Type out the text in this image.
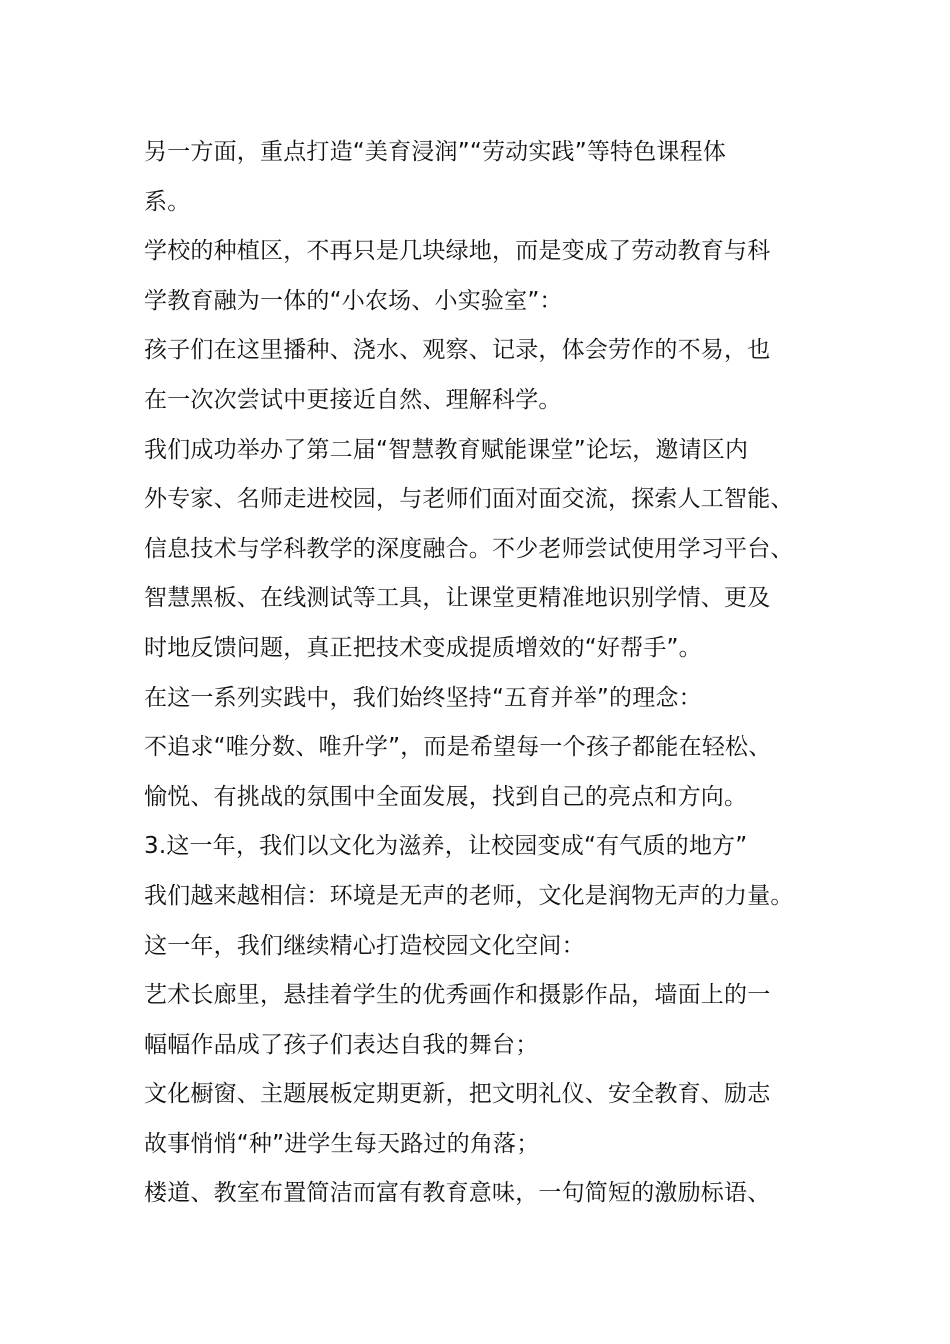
另一方面，重点打造“美育浸润”“劳动实践”等特色课程体
系。
学校的种植区，不再只是几块绿地，而是变成了劳动教育与科
学教育融为一体的“小农场、小实验室”：
孩子们在这里播种、浇水、观察、记录，体会劳作的不易，也
在一次次尝试中更接近自然、理解科学。
我们成功举办了第二届“智慧教育赋能课堂”论坛，邀请区内
外专家、名师走进校园，与老师们面对面交流，探索人工智能、
信息技术与学科教学的深度融合。不少老师尝试使用学习平台、
智慧黑板、在线测试等工具，让课堂更精准地识别学情、更及
时地反馈问题，真正把技术变成提质增效的“好帮手”。
在这一系列实践中，我们始终坚持“五育并举”的理念：
不追求“唯分数、唯升学”，而是希望每一个孩子都能在轻松、
愉悦、有挑战的氛围中全面发展，找到自己的亮点和方向。
3.这一年，我们以文化为滋养，让校园变成“有气质的地方”
我们越来越相信：环境是无声的老师，文化是润物无声的力量。
这一年，我们继续精心打造校园文化空间：
艺术长廊里，悬挂着学生的优秀画作和摄影作品，墙面上的一
幅幅作品成了孩子们表达自我的舞台；
文化橱窗、主题展板定期更新，把文明礼仪、安全教育、励志
故事悄悄“种”进学生每天路过的角落；
楼道、教室布置简洁而富有教育意味，一句简短的激励标语、
